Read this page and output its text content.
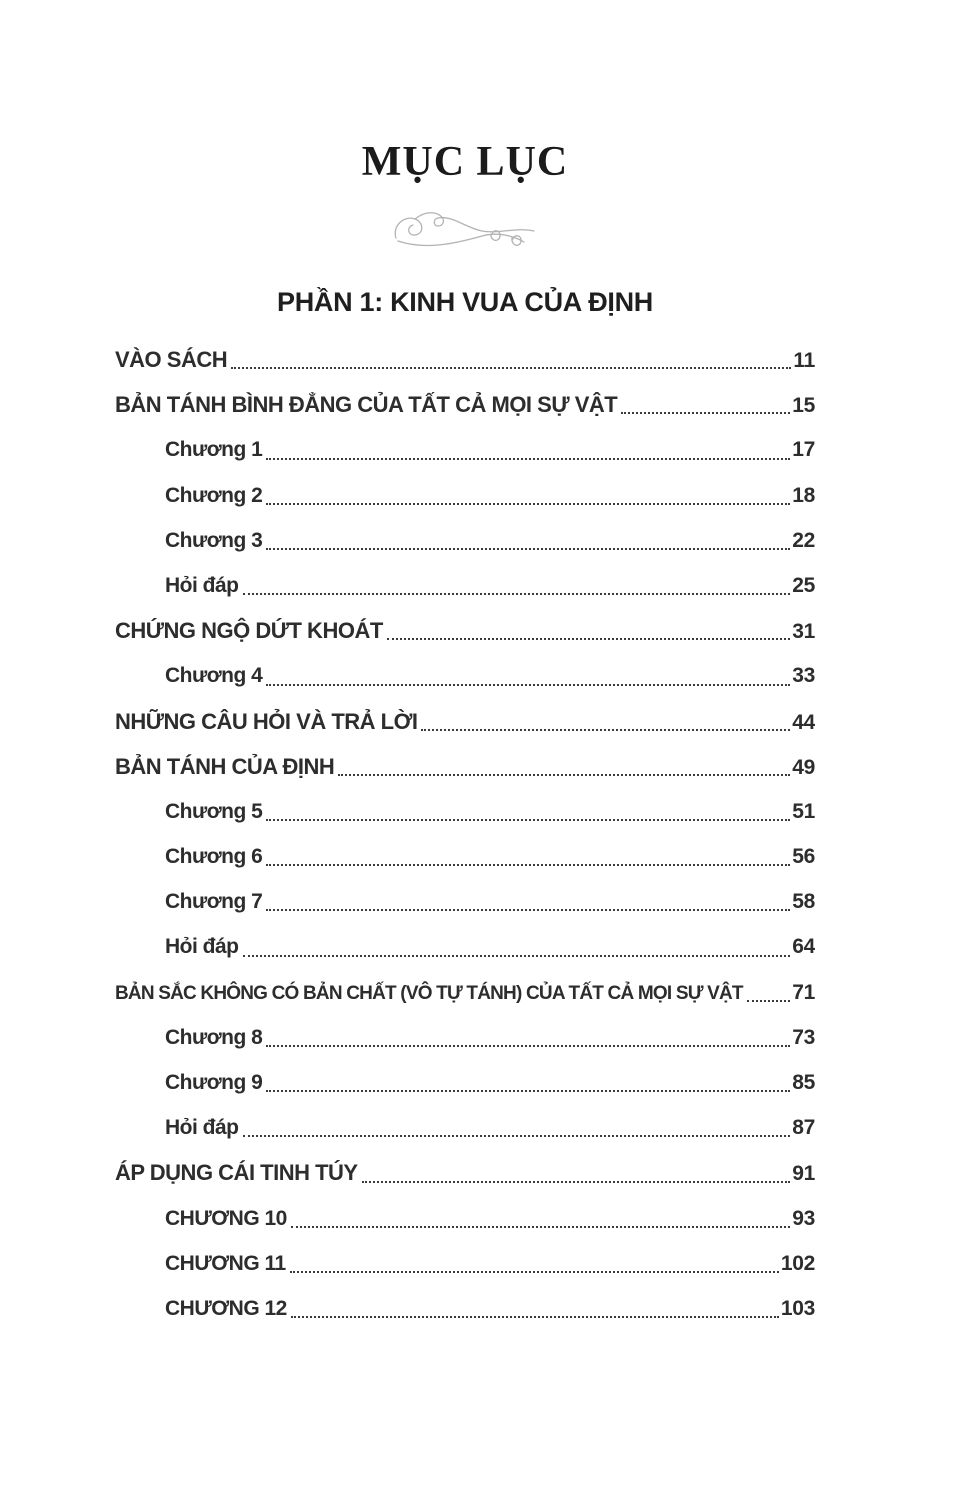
MỤC LỤC
PHẦN 1: KINH VUA CỦA ĐỊNH
VÀO SÁCH	11
BẢN TÁNH BÌNH ĐẲNG CỦA TẤT CẢ MỌI SỰ VẬT	15
Chương 1	17
Chương 2	18
Chương 3	22
Hỏi đáp	25
CHỨNG NGỘ DỨT KHOÁT	31
Chương 4	33
NHỮNG CÂU HỎI VÀ TRẢ LỜI	44
BẢN TÁNH CỦA ĐỊNH	49
Chương 5	51
Chương 6	56
Chương 7	58
Hỏi đáp	64
BẢN SẮC KHÔNG CÓ BẢN CHẤT (VÔ TỰ TÁNH) CỦA TẤT CẢ MỌI SỰ VẬT 71
Chương 8	73
Chương 9	85
Hỏi đáp	87
ÁP DỤNG CÁI TINH TÚY	91
CHƯƠNG 10	93
CHƯƠNG 11	102
CHƯƠNG 12	103
